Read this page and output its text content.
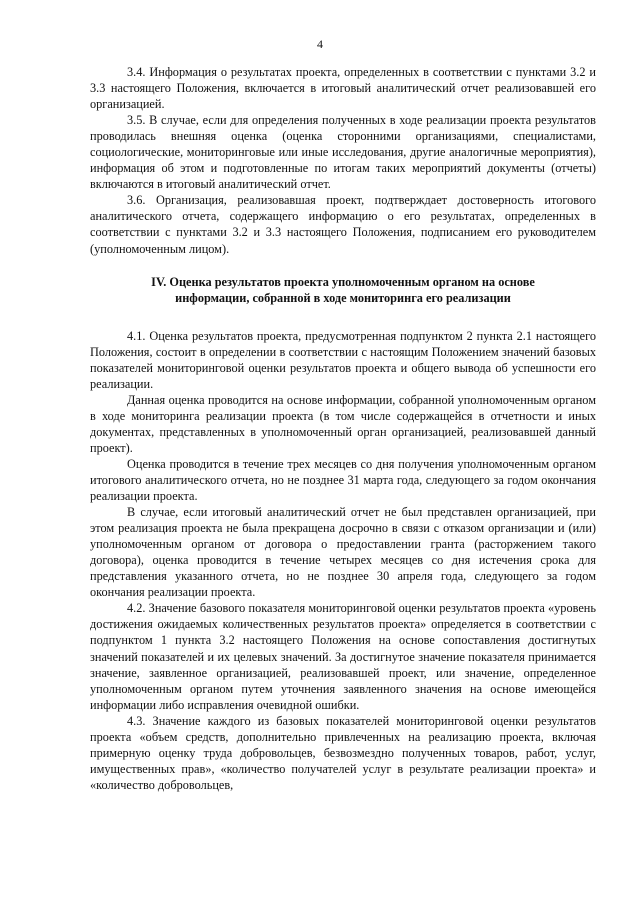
4

3.4. Информация о результатах проекта, определенных в соответствии с пунктами 3.2 и 3.3 настоящего Положения, включается в итоговый аналитический отчет реализовавшей его организацией.

3.5. В случае, если для определения полученных в ходе реализации проекта результатов проводилась внешняя оценка (оценка сторонними организациями, специалистами, социологические, мониторинговые или иные исследования, другие аналогичные мероприятия), информация об этом и подготовленные по итогам таких мероприятий документы (отчеты) включаются в итоговый аналитический отчет.

3.6. Организация, реализовавшая проект, подтверждает достоверность итогового аналитического отчета, содержащего информацию о его результатах, определенных в соответствии с пунктами 3.2 и 3.3 настоящего Положения, подписанием его руководителем (уполномоченным лицом).

IV. Оценка результатов проекта уполномоченным органом на основе
информации, собранной в ходе мониторинга его реализации

4.1. Оценка результатов проекта, предусмотренная подпунктом 2 пункта 2.1 настоящего Положения, состоит в определении в соответствии с настоящим Положением значений базовых показателей мониторинговой оценки результатов проекта и общего вывода об успешности его реализации.

Данная оценка проводится на основе информации, собранной уполномоченным органом в ходе мониторинга реализации проекта (в том числе содержащейся в отчетности и иных документах, представленных в уполномоченный орган организацией, реализовавшей данный проект).

Оценка проводится в течение трех месяцев со дня получения уполномоченным органом итогового аналитического отчета, но не позднее 31 марта года, следующего за годом окончания реализации проекта.

В случае, если итоговый аналитический отчет не был представлен организацией, при этом реализация проекта не была прекращена досрочно в связи с отказом организации и (или) уполномоченным органом от договора о предоставлении гранта (расторжением такого договора), оценка проводится в течение четырех месяцев со дня истечения срока для представления указанного отчета, но не позднее 30 апреля года, следующего за годом окончания реализации проекта.

4.2. Значение базового показателя мониторинговой оценки результатов проекта «уровень достижения ожидаемых количественных результатов проекта» определяется в соответствии с подпунктом 1 пункта 3.2 настоящего Положения на основе сопоставления достигнутых значений показателей и их целевых значений. За достигнутое значение показателя принимается значение, заявленное организацией, реализовавшей проект, или значение, определенное уполномоченным органом путем уточнения заявленного значения на основе имеющейся информации либо исправления очевидной ошибки.

4.3. Значение каждого из базовых показателей мониторинговой оценки результатов проекта «объем средств, дополнительно привлеченных на реализацию проекта, включая примерную оценку труда добровольцев, безвозмездно полученных товаров, работ, услуг, имущественных прав», «количество получателей услуг в результате реализации проекта» и «количество добровольцев,
